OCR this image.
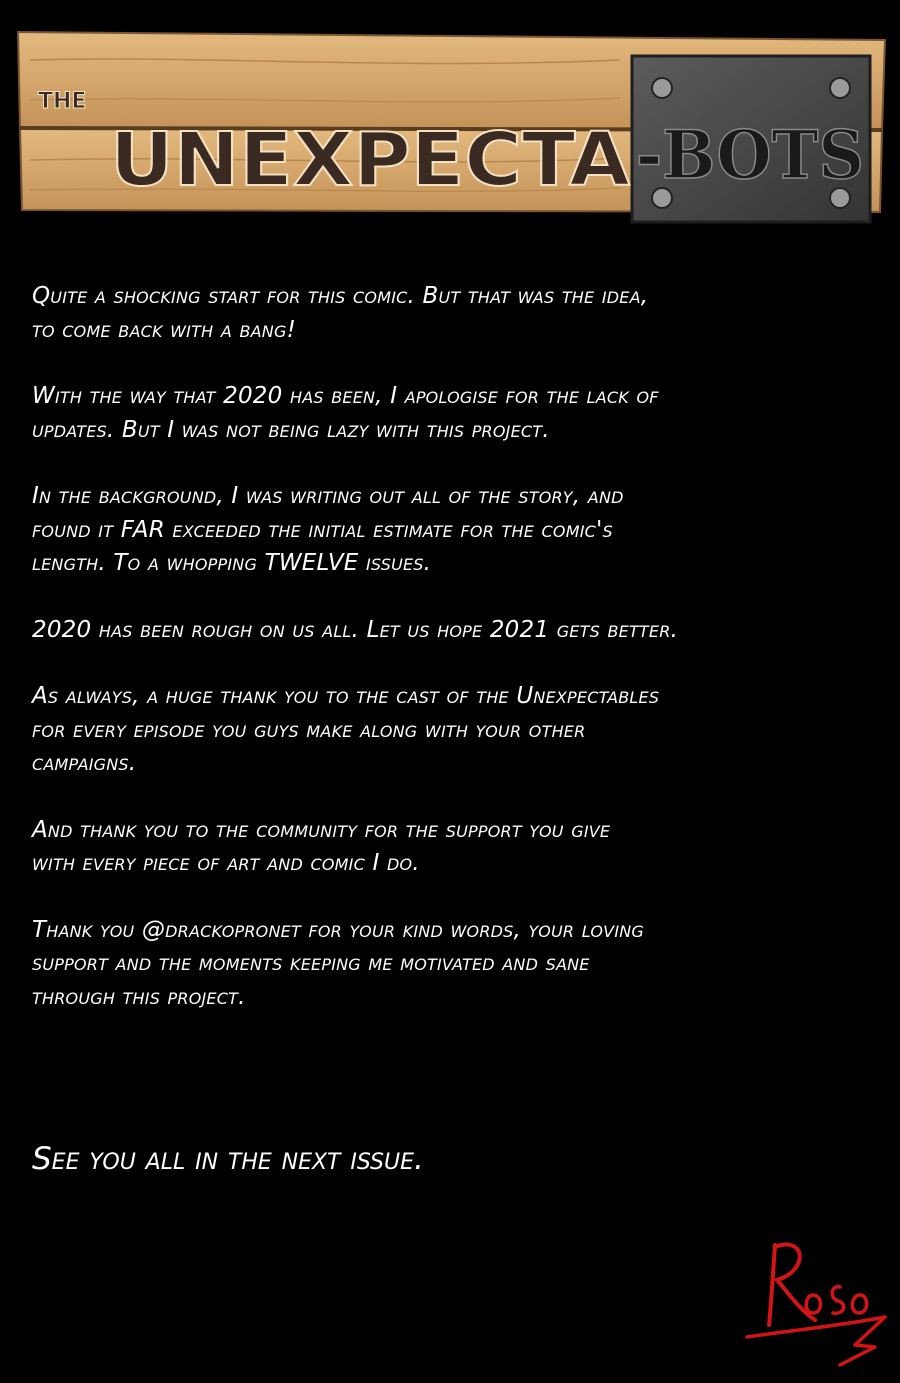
THE
UNEXPECTA -BOTS

Quite a shocking start for this comic. But that was the idea,
to come back with a bang!

With the way that 2020 has been, I apologise for the lack of
updates. But I was not being lazy with this project.

In the background, I was writing out all of the story, and
found it FAR exceeded the initial estimate for the comic's
length. To a whopping TWELVE issues.

2020 has been rough on us all. Let us hope 2021 gets better.

As always, a huge thank you to the cast of the Unexpectables
for every episode you guys make along with your other
campaigns.

And thank you to the community for the support you give
with every piece of art and comic I do.

Thank you @drackopronet for your kind words, your loving
support and the moments keeping me motivated and sane
through this project.

See you all in the next issue.
